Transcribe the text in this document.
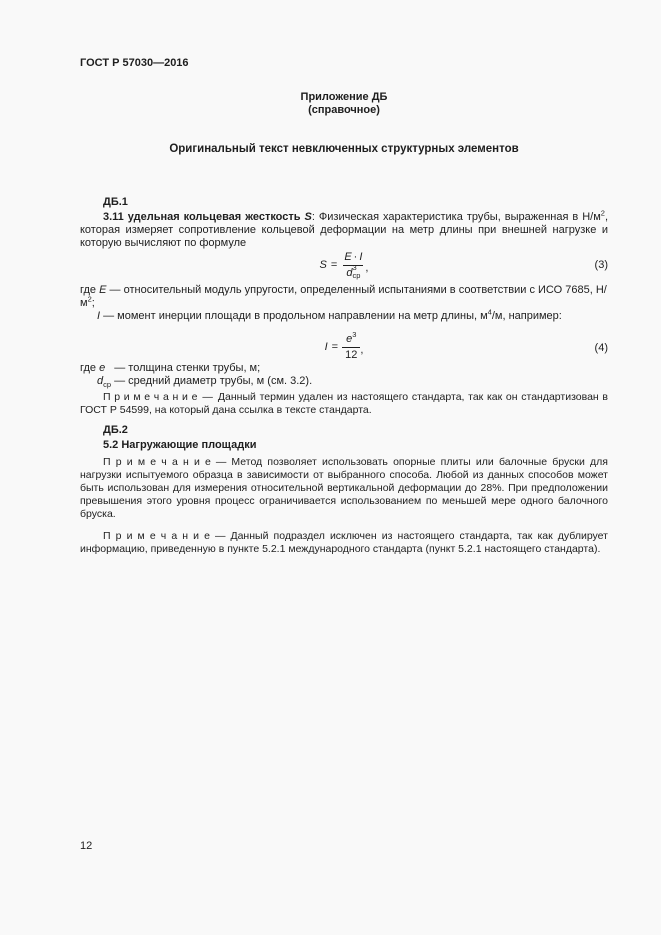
ГОСТ Р 57030—2016
Приложение ДБ
(справочное)
Оригинальный текст невключенных структурных элементов
ДБ.1

3.11 удельная кольцевая жесткость S: Физическая характеристика трубы, выраженная в $Н/м^2$, которая измеряет сопротивление кольцевой деформации на метр длины при внешней нагрузке и которую вычисляют по формуле

S = E · I
d 3
ср ,	(3)
где E — относительный модуль упругости, определенный испытаниями в соответствии с ИСО 7685, $Н/м^2$;
I — момент инерции площади в продольном направлении на метр длины, $м^4/м$, например:
$I = \frac{e^3}{12}$ ,	(4)
где e — толщина стенки трубы, м;
$d_{ср}$ — средний диаметр трубы, м (см. 3.2).

П р и м е ч а н и е — Данный термин удален из настоящего стандарта, так как он стандартизован в ГОСТ Р 54599, на который дана ссылка в тексте стандарта.

ДБ.2
5.2 Нагружающие площадки

П р и м е ч а н и е — Метод позволяет использовать опорные плиты или балочные бруски для нагрузки испытуемого образца в зависимости от выбранного способа. Любой из данных способов может быть использован для измерения относительной вертикальной деформации до 28%. При предположении превышения этого уровня процесс ограничивается использованием по меньшей мере одного балочного бруска.

П р и м е ч а н и е — Данный подраздел исключен из настоящего стандарта, так как дублирует информацию, приведенную в пункте 5.2.1 международного стандарта (пункт 5.2.1 настоящего стандарта).

12
